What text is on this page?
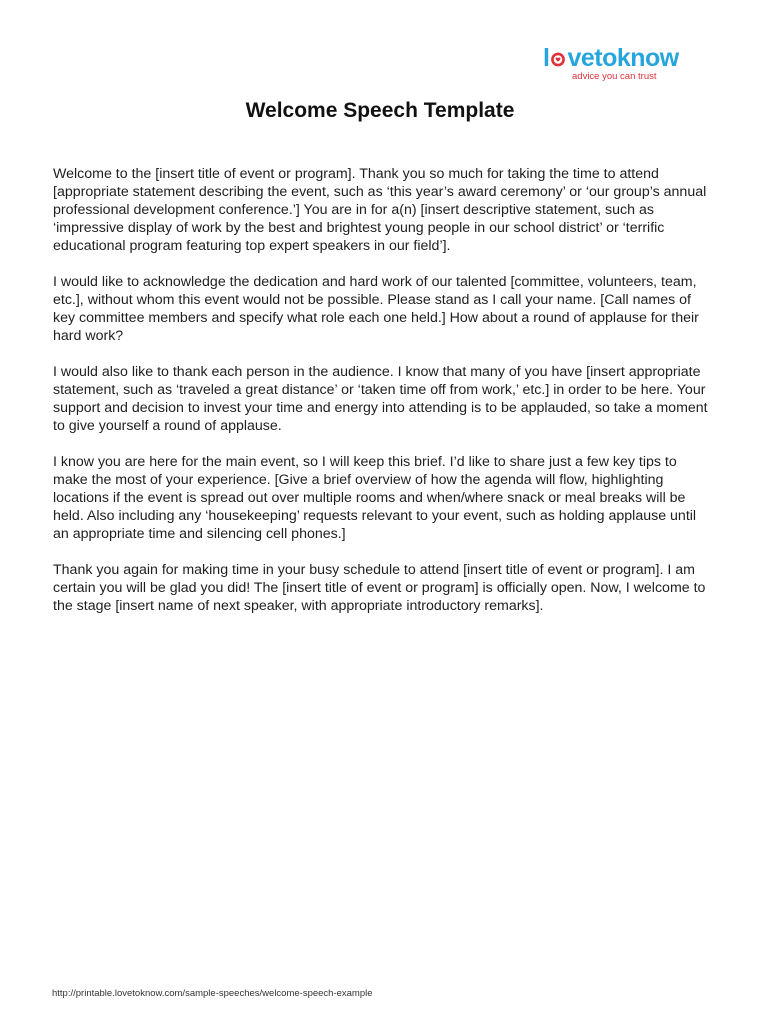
l vetoknow
advice you can trust
Welcome Speech Template

Welcome to the [insert title of event or program]. Thank you so much for taking the time to attend [appropriate statement describing the event, such as ‘this year’s award ceremony’ or ‘our group’s annual professional development conference.’] You are in for a(n) [insert descriptive statement, such as ‘impressive display of work by the best and brightest young people in our school district’ or ‘terrific educational program featuring top expert speakers in our field’].

I would like to acknowledge the dedication and hard work of our talented [committee, volunteers, team, etc.], without whom this event would not be possible. Please stand as I call your name. [Call names of key committee members and specify what role each one held.] How about a round of applause for their hard work?

I would also like to thank each person in the audience. I know that many of you have [insert appropriate statement, such as ‘traveled a great distance’ or ‘taken time off from work,’ etc.] in order to be here. Your support and decision to invest your time and energy into attending is to be applauded, so take a moment to give yourself a round of applause.

I know you are here for the main event, so I will keep this brief. I’d like to share just a few key tips to make the most of your experience. [Give a brief overview of how the agenda will flow, highlighting locations if the event is spread out over multiple rooms and when/where snack or meal breaks will be held. Also including any ‘housekeeping’ requests relevant to your event, such as holding applause until an appropriate time and silencing cell phones.]

Thank you again for making time in your busy schedule to attend [insert title of event or program]. I am certain you will be glad you did! The [insert title of event or program] is officially open. Now, I welcome to the stage [insert name of next speaker, with appropriate introductory remarks].

http://printable.lovetoknow.com/sample-speeches/welcome-speech-example
